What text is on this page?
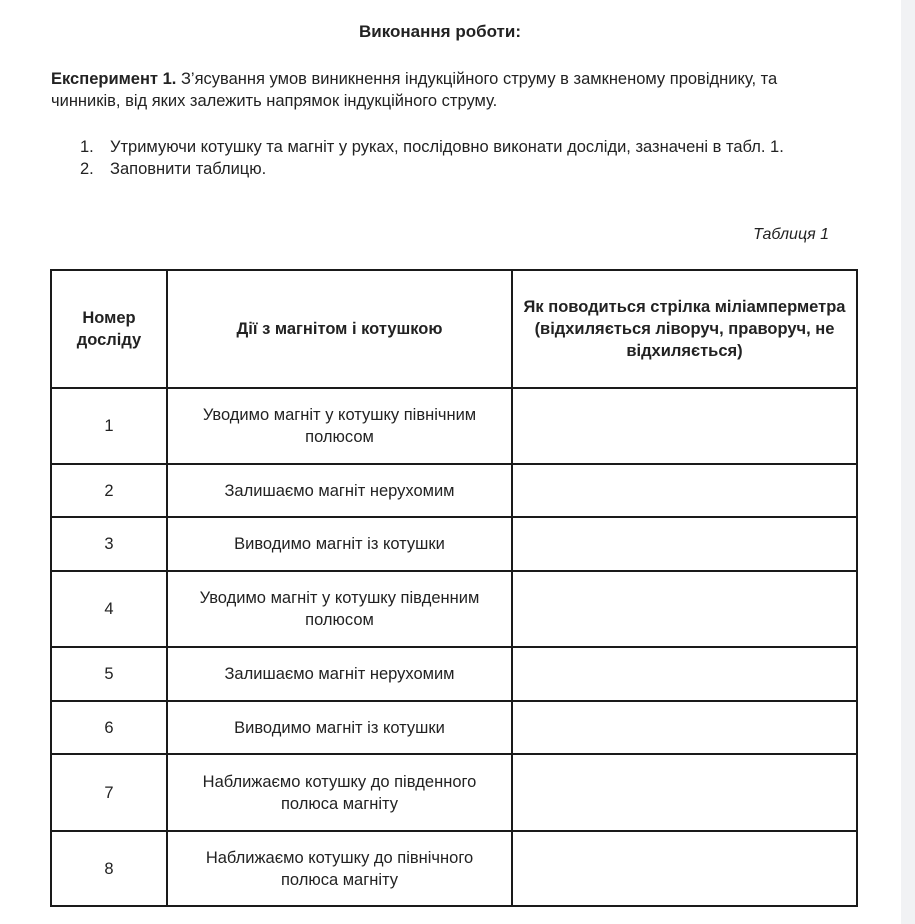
Виконання роботи:
Експеримент 1. З’ясування умов виникнення індукційного струму в замкненому провіднику, та чинників, від яких залежить напрямок індукційного струму.
1. Утримуючи котушку та магніт у руках, послідовно виконати досліди, зазначені в табл. 1.
2. Заповнити таблицю.
Таблиця 1
Номер досліду	Дії з магнітом і котушкою	Як поводиться стрілка міліамперметра (відхиляється ліворуч, праворуч, не відхиляється)
1	Уводимо магніт у котушку північним полюсом	
2	Залишаємо магніт нерухомим	
3	Виводимо магніт із котушки	
4	Уводимо магніт у котушку південним полюсом	
5	Залишаємо магніт нерухомим	
6	Виводимо магніт із котушки	
7	Наближаємо котушку до південного полюса магніту	
8	Наближаємо котушку до північного полюса магніту	
